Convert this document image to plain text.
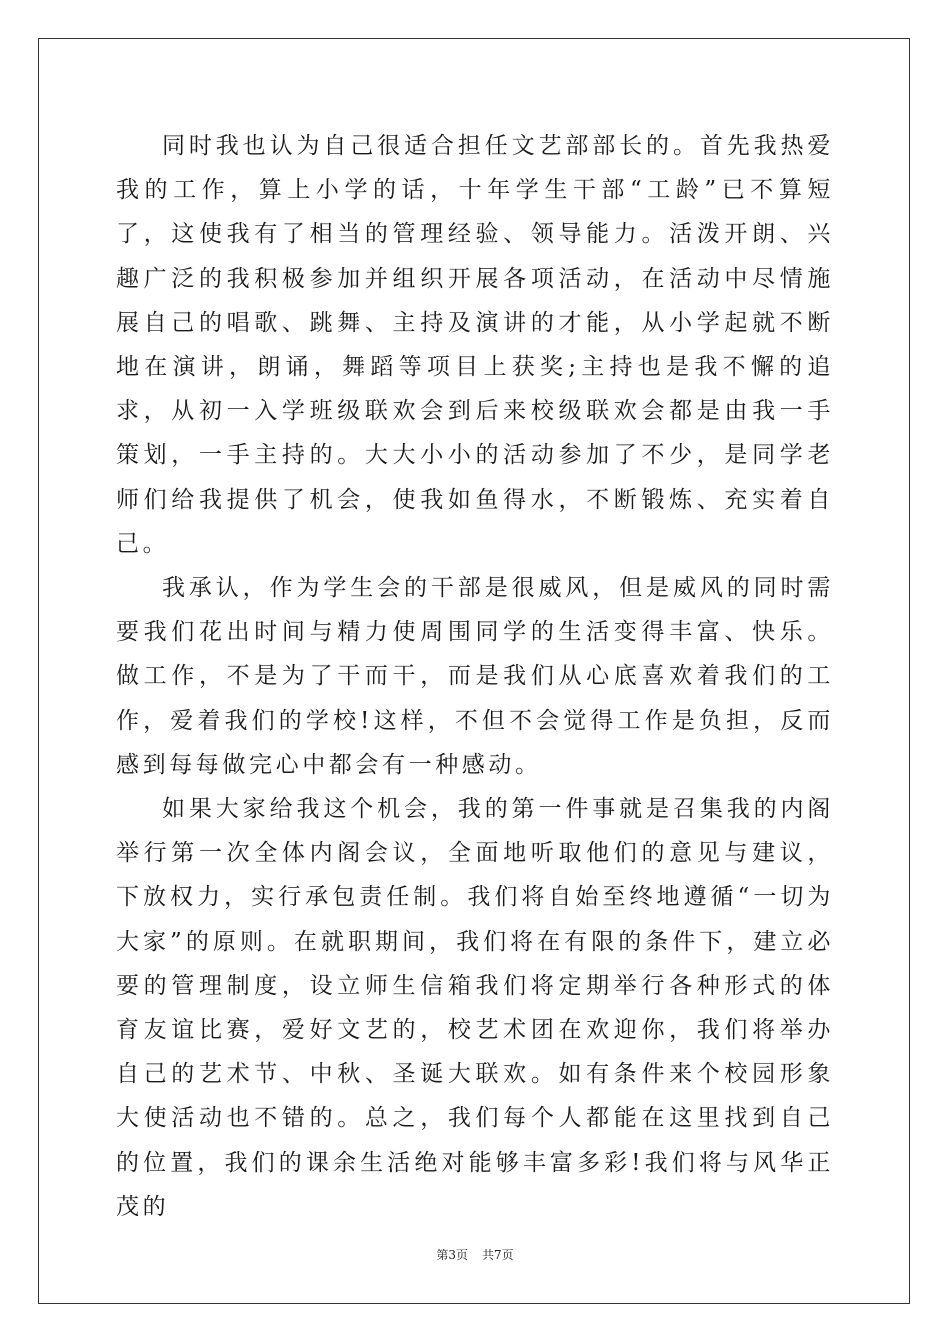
同时我也认为自己很适合担任文艺部部长的。首先我热爱我的工作，算上小学的话，十年学生干部“工龄”已不算短了，这使我有了相当的管理经验、领导能力。活泼开朗、兴趣广泛的我积极参加并组织开展各项活动，在活动中尽情施展自己的唱歌、跳舞、主持及演讲的才能，从小学起就不断地在演讲，朗诵，舞蹈等项目上获奖;主持也是我不懈的追求，从初一入学班级联欢会到后来校级联欢会都是由我一手策划，一手主持的。大大小小的活动参加了不少，是同学老师们给我提供了机会，使我如鱼得水，不断锻炼、充实着自己。

我承认，作为学生会的干部是很威风，但是威风的同时需要我们花出时间与精力使周围同学的生活变得丰富、快乐。做工作，不是为了干而干，而是我们从心底喜欢着我们的工作，爱着我们的学校!这样，不但不会觉得工作是负担，反而感到每每做完心中都会有一种感动。

如果大家给我这个机会，我的第一件事就是召集我的内阁举行第一次全体内阁会议，全面地听取他们的意见与建议，下放权力，实行承包责任制。我们将自始至终地遵循“一切为大家”的原则。在就职期间，我们将在有限的条件下，建立必要的管理制度，设立师生信箱我们将定期举行各种形式的体育友谊比赛，爱好文艺的，校艺术团在欢迎你，我们将举办自己的艺术节、中秋、圣诞大联欢。如有条件来个校园形象大使活动也不错的。总之，我们每个人都能在这里找到自己的位置，我们的课余生活绝对能够丰富多彩!我们将与风华正茂的

第3页 共7页
